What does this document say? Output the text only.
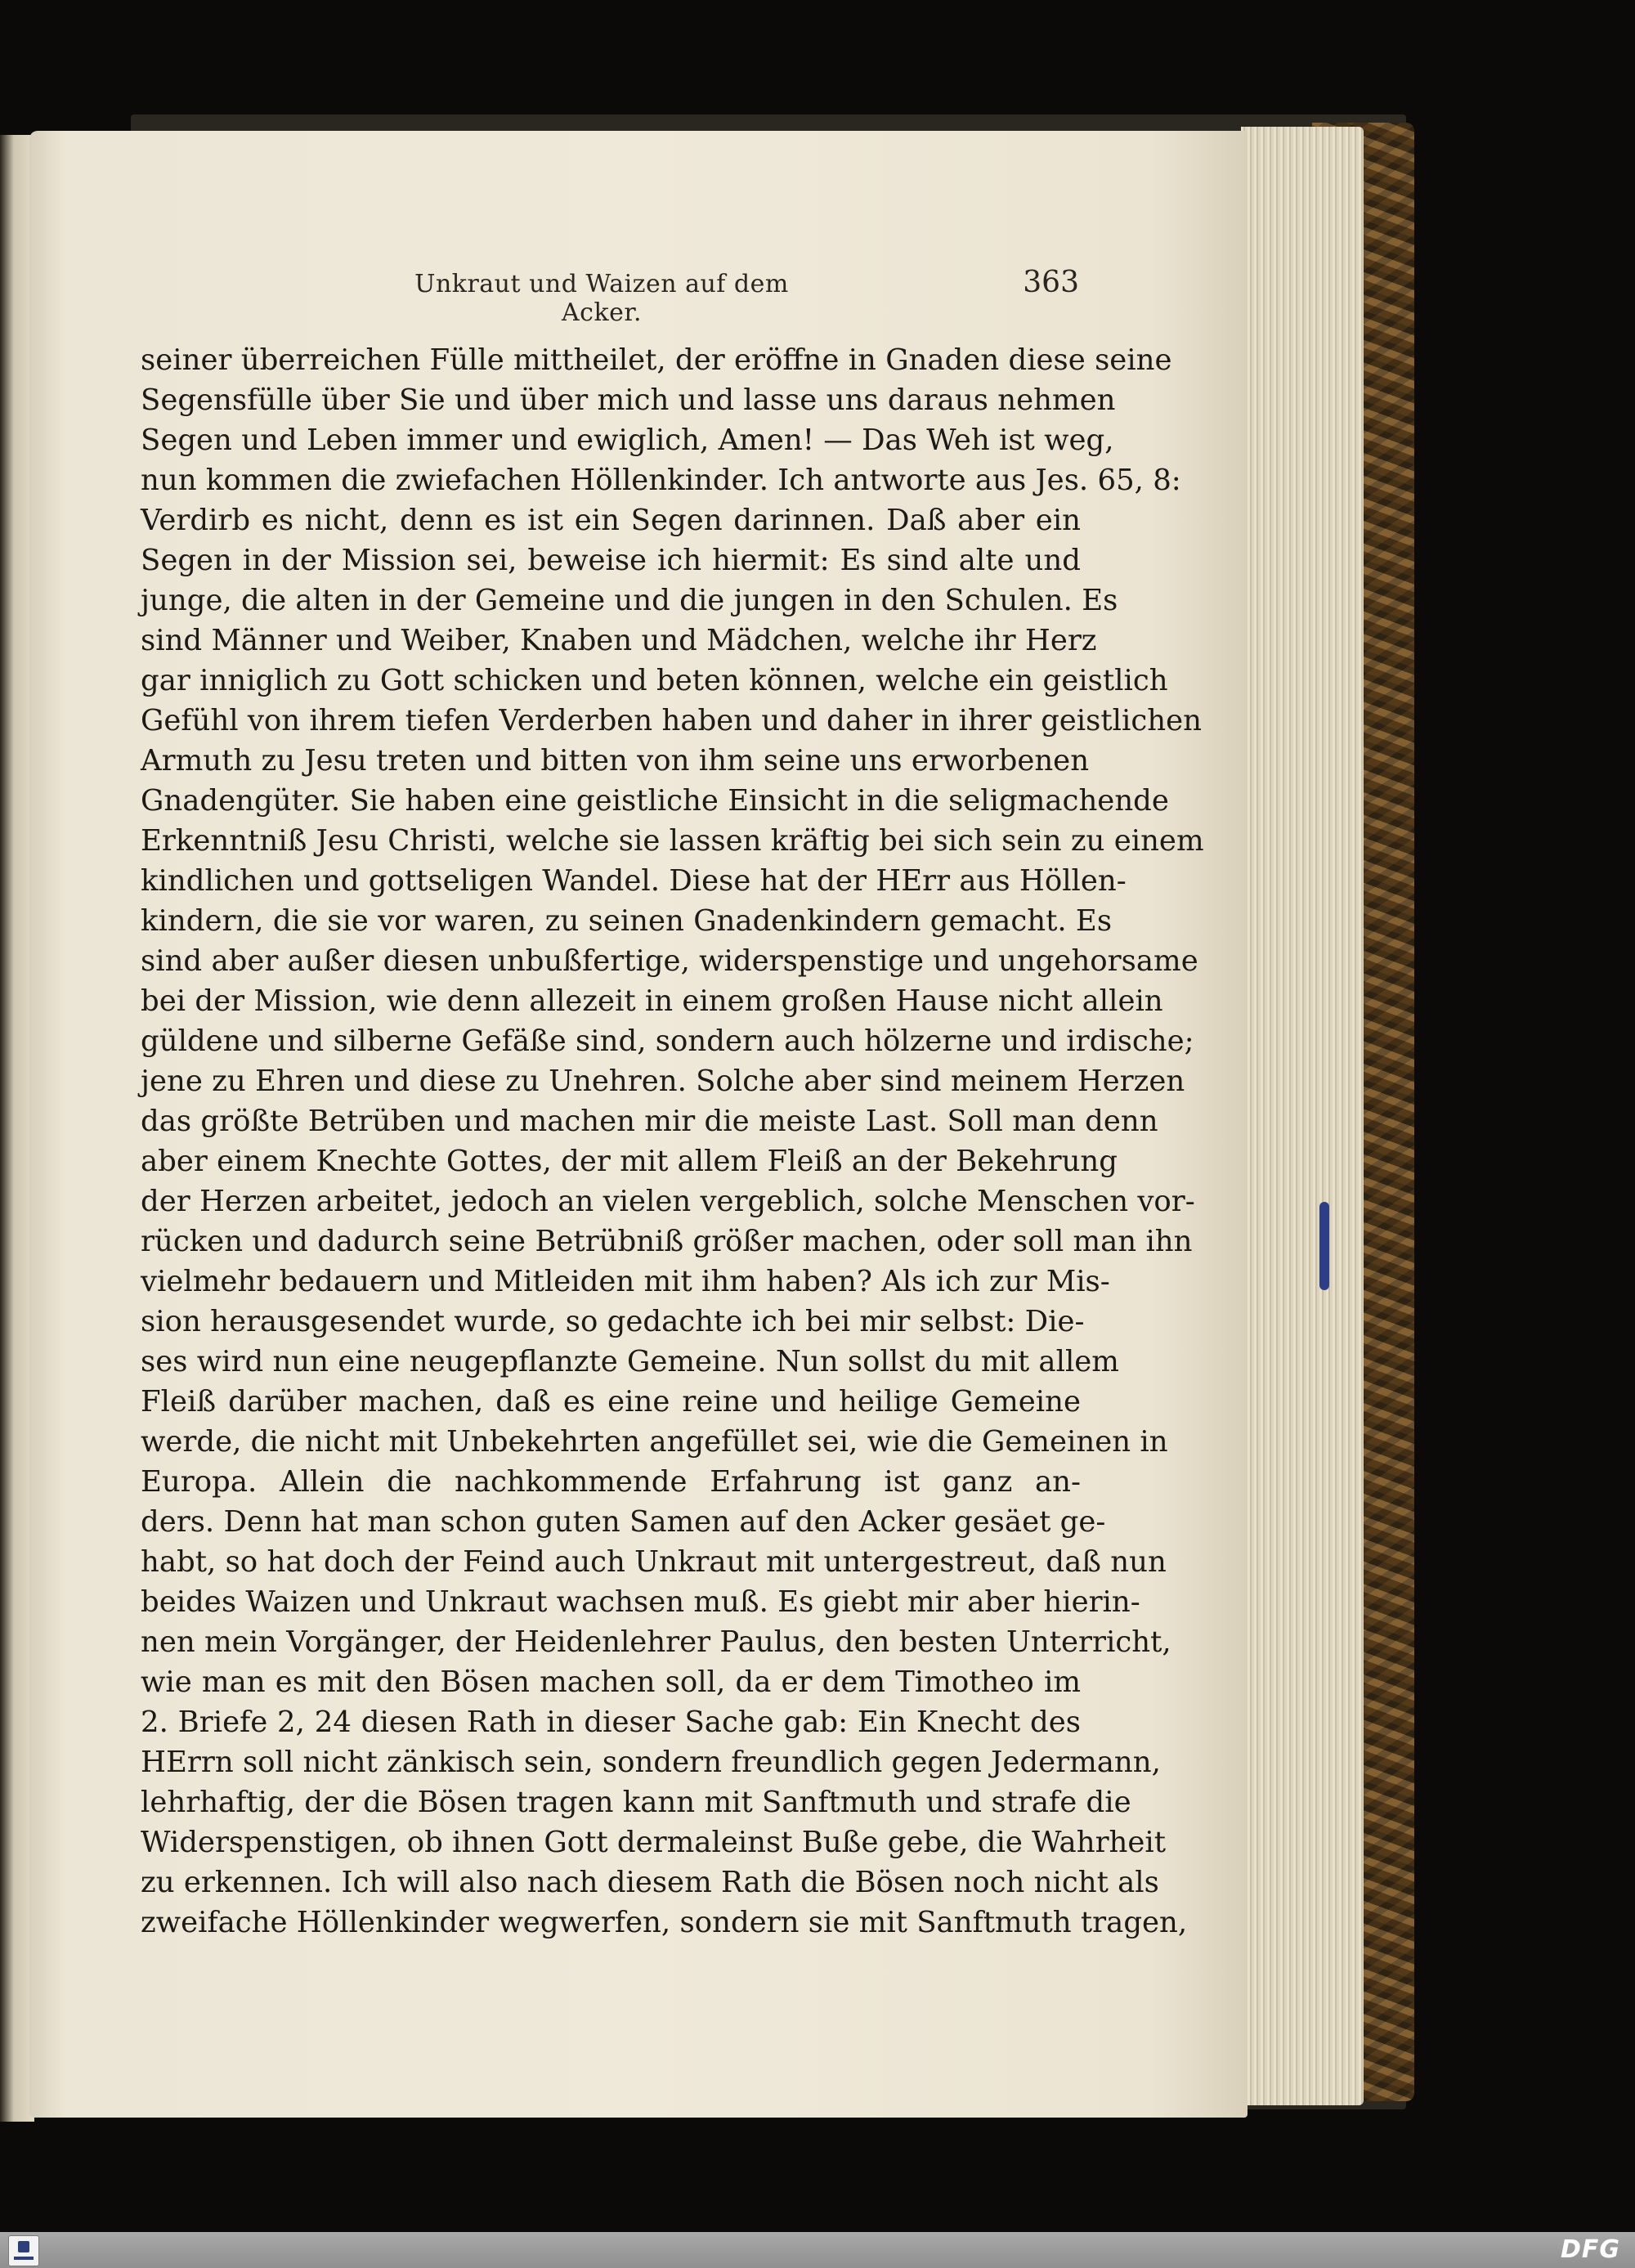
Unkraut und Waizen auf dem Acker.
363
seiner überreichen Fülle mittheilet, der eröffne in Gnaden diese seine
Segensfülle über Sie und über mich und lasse uns daraus nehmen
Segen und Leben immer und ewiglich, Amen! — Das Weh ist weg,
nun kommen die zwiefachen Höllenkinder. Ich antworte aus Jes. 65, 8:
Verdirb es nicht, denn es ist ein Segen darinnen. Daß aber ein
Segen in der Mission sei, beweise ich hiermit: Es sind alte und
junge, die alten in der Gemeine und die jungen in den Schulen. Es
sind Männer und Weiber, Knaben und Mädchen, welche ihr Herz
gar inniglich zu Gott schicken und beten können, welche ein geistlich
Gefühl von ihrem tiefen Verderben haben und daher in ihrer geistlichen
Armuth zu Jesu treten und bitten von ihm seine uns erworbenen
Gnadengüter. Sie haben eine geistliche Einsicht in die seligmachende
Erkenntniß Jesu Christi, welche sie lassen kräftig bei sich sein zu einem
kindlichen und gottseligen Wandel. Diese hat der HErr aus Höllen-
kindern, die sie vor waren, zu seinen Gnadenkindern gemacht. Es
sind aber außer diesen unbußfertige, widerspenstige und ungehorsame
bei der Mission, wie denn allezeit in einem großen Hause nicht allein
güldene und silberne Gefäße sind, sondern auch hölzerne und irdische;
jene zu Ehren und diese zu Unehren. Solche aber sind meinem Herzen
das größte Betrüben und machen mir die meiste Last. Soll man denn
aber einem Knechte Gottes, der mit allem Fleiß an der Bekehrung
der Herzen arbeitet, jedoch an vielen vergeblich, solche Menschen vor-
rücken und dadurch seine Betrübniß größer machen, oder soll man ihn
vielmehr bedauern und Mitleiden mit ihm haben? Als ich zur Mis-
sion herausgesendet wurde, so gedachte ich bei mir selbst: Die-
ses wird nun eine neugepflanzte Gemeine. Nun sollst du mit allem
Fleiß darüber machen, daß es eine reine und heilige Gemeine
werde, die nicht mit Unbekehrten angefüllet sei, wie die Gemeinen in
Europa. Allein die nachkommende Erfahrung ist ganz an-
ders. Denn hat man schon guten Samen auf den Acker gesäet ge-
habt, so hat doch der Feind auch Unkraut mit untergestreut, daß nun
beides Waizen und Unkraut wachsen muß. Es giebt mir aber hierin-
nen mein Vorgänger, der Heidenlehrer Paulus, den besten Unterricht,
wie man es mit den Bösen machen soll, da er dem Timotheo im
2. Briefe 2, 24 diesen Rath in dieser Sache gab: Ein Knecht des
HErrn soll nicht zänkisch sein, sondern freundlich gegen Jedermann,
lehrhaftig, der die Bösen tragen kann mit Sanftmuth und strafe die
Widerspenstigen, ob ihnen Gott dermaleinst Buße gebe, die Wahrheit
zu erkennen. Ich will also nach diesem Rath die Bösen noch nicht als
zweifache Höllenkinder wegwerfen, sondern sie mit Sanftmuth tragen,
DFG
